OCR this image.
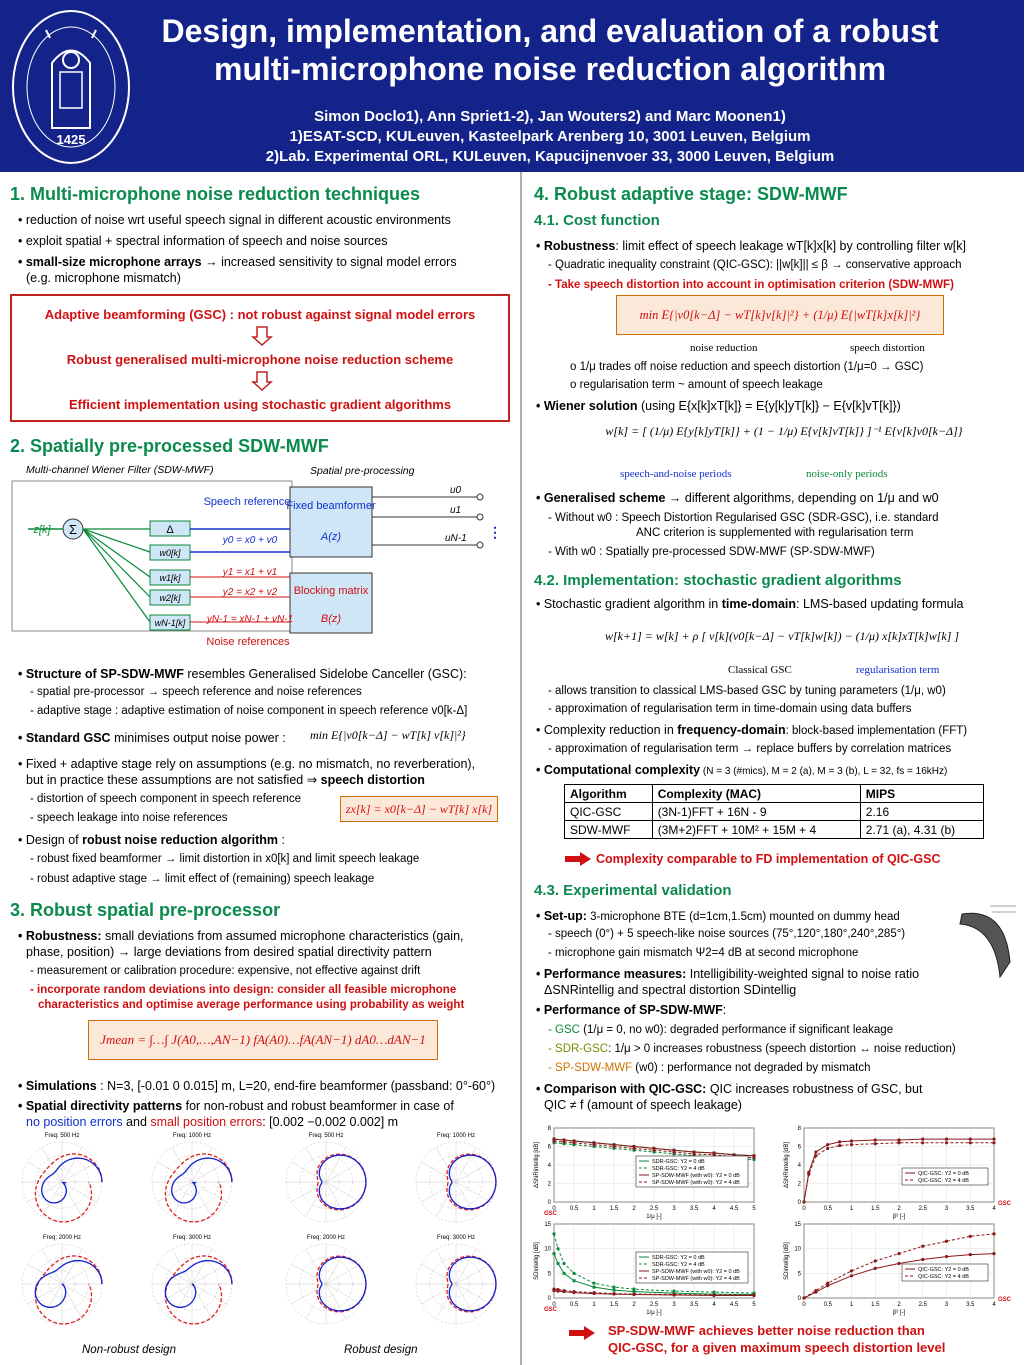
1425
Design, implementation, and evaluation of a robust
multi-microphone noise reduction algorithm
Simon Doclo1), Ann Spriet1-2), Jan Wouters2) and Marc Moonen1)
1)ESAT-SCD, KULeuven, Kasteelpark Arenberg 10, 3001 Leuven, Belgium
2)Lab. Experimental ORL, KULeuven, Kapucijnenvoer 33, 3000 Leuven, Belgium
1. Multi-microphone noise reduction techniques
• reduction of noise wrt useful speech signal in different acoustic environments
• exploit spatial + spectral information of speech and noise sources
• small-size microphone arrays → increased sensitivity to signal model errors
(e.g. microphone mismatch)

Adaptive beamforming (GSC) : not robust against signal model errors

Robust generalised multi-microphone noise reduction scheme

Efficient implementation using stochastic gradient algorithms

2. Spatially pre-processed SDW-MWF
Multi-channel Wiener Filter (SDW-MWF)	Spatial pre-processing
Fixed beamformer
A(z)
Blocking matrix
B(z)
Speech reference
y0 = x0 + v0
y1 = x1 + v1
y2 = x2 + v2
yN-1 = xN-1 + vN-1
Noise references
Σ
z[k]	Δ
w0[k]
w1[k]
w2[k]
wN-1[k]
u0
u1
uN-1 ⋮
• Structure of SP-SDW-MWF resembles Generalised Sidelobe Canceller (GSC):
- spatial pre-processor → speech reference and noise references
- adaptive stage : adaptive estimation of noise component in speech reference v0[k-Δ]
• Standard GSC minimises output noise power : min E{|v0[k−Δ] − wT[k] v[k]|²}
• Fixed + adaptive stage rely on assumptions (e.g. no mismatch, no reverberation),
but in practice these assumptions are not satisfied ⇒ speech distortion
- distortion of speech component in speech reference
- speech leakage into noise references
zx[k] = x0[k−Δ] − wT[k] x[k]
• Design of robust noise reduction algorithm :
- robust fixed beamformer → limit distortion in x0[k] and limit speech leakage
- robust adaptive stage → limit effect of (remaining) speech leakage
3. Robust spatial pre-processor
• Robustness: small deviations from assumed microphone characteristics (gain,
phase, position) → large deviations from desired spatial directivity pattern
- measurement or calibration procedure: expensive, not effective against drift
- incorporate random deviations into design: consider all feasible microphone
characteristics and optimise average performance using probability as weight
Jmean = ∫…∫ J(A0,…,AN−1) fA(A0)…fA(AN−1) dA0…dAN−1
• Simulations : N=3, [-0.01 0 0.015] m, L=20, end-fire beamformer (passband: 0°-60°)
• Spatial directivity patterns for non-robust and robust beamformer in case of
no position errors and small position errors: [0.002 −0.002 0.002] m
Freq: 500 Hz	Freq: 1000 Hz	Freq: 500 Hz	Freq: 1000 Hz
Freq: 2000 Hz	Freq: 3000 Hz	Freq: 2000 Hz	Freq: 3000 Hz
Non-robust design	Robust design
4. Robust adaptive stage: SDW-MWF
4.1. Cost function
• Robustness: limit effect of speech leakage wT[k]x[k] by controlling filter w[k]
- Quadratic inequality constraint (QIC-GSC): ||w[k]|| ≤ β → conservative approach
- Take speech distortion into account in optimisation criterion (SDW-MWF)
min E{|v0[k−Δ] − wT[k]v[k]|²} + (1/μ) E{|wT[k]x[k]|²}
noise reduction	speech distortion
o 1/μ trades off noise reduction and speech distortion (1/μ=0 → GSC)
o regularisation term ~ amount of speech leakage
• Wiener solution (using E{x[k]xT[k]} = E{y[k]yT[k]} − E{v[k]vT[k]})
w[k] = [ (1/μ) E{y[k]yT[k]} + (1 − 1/μ) E{v[k]vT[k]} ]⁻¹ E{v[k]v0[k−Δ]}
speech-and-noise periods	noise-only periods
• Generalised scheme → different algorithms, depending on 1/μ and w0
- Without w0 : Speech Distortion Regularised GSC (SDR-GSC), i.e. standard
ANC criterion is supplemented with regularisation term
- With w0 : Spatially pre-processed SDW-MWF (SP-SDW-MWF)
4.2. Implementation: stochastic gradient algorithms
• Stochastic gradient algorithm in time-domain: LMS-based updating formula
w[k+1] = w[k] + ρ [ v[k](v0[k−Δ] − vT[k]w[k]) − (1/μ) x[k]xT[k]w[k] ]
Classical GSC	regularisation term
- allows transition to classical LMS-based GSC by tuning parameters (1/μ, w0)
- approximation of regularisation term in time-domain using data buffers
• Complexity reduction in frequency-domain: block-based implementation (FFT)
- approximation of regularisation term → replace buffers by correlation matrices
• Computational complexity (N = 3 (#mics), M = 2 (a), M = 3 (b), L = 32, fs = 16kHz)
Algorithm	Complexity (MAC)	MIPS
QIC-GSC	(3N-1)FFT + 16N - 9	2.16
SDW-MWF	(3M+2)FFT + 10M² + 15M + 4	2.71 (a), 4.31 (b)
Complexity comparable to FD implementation of QIC-GSC
4.3. Experimental validation
• Set-up: 3-microphone BTE (d=1cm,1.5cm) mounted on dummy head
- speech (0°) + 5 speech-like noise sources (75°,120°,180°,240°,285°)
- microphone gain mismatch Ψ2=4 dB at second microphone
• Performance measures: Intelligibility-weighted signal to noise ratio
ΔSNRintellig and spectral distortion SDintellig
• Performance of SP-SDW-MWF:
- GSC (1/μ = 0, no w0): degraded performance if significant leakage
- SDR-GSC: 1/μ > 0 increases robustness (speech distortion ↔ noise reduction)
- SP-SDW-MWF (w0) : performance not degraded by mismatch
• Comparison with QIC-GSC: QIC increases robustness of GSC, but
QIC ≠ f (amount of speech leakage)
0 0.5 1 1.5 2 2.5 3 3.5 4 4.5 5
8
6
4
2
0
1/μ [-]
ΔSNRintellig [dB]	SDR-GSC: Υ2 = 0 dB
SDR-GSC: Υ2 = 4 dB
SP-SDW-MWF (with w0): Υ2 = 0 dB
SP-SDW-MWF (with w0): Υ2 = 4 dB
GSC
0	0.5	1	1.5	2	2.5	3	3.5	4
8
6
4
2
0
β² [-]
ΔSNRintellig [dB]	QIC-GSC: Υ2 = 0 dB
QIC-GSC: Υ2 = 4 dB
GSC
0 0.5 1 1.5 2 2.5 3 3.5 4 4.5 5
15
10
5
0
1/μ [-]
SDintellig [dB]	SDR-GSC: Υ2 = 0 dB
SDR-GSC: Υ2 = 4 dB
SP-SDW-MWF (with w0): Υ2 = 0 dB
SP-SDW-MWF (with w0): Υ2 = 4 dB
GSC
0	0.5	1	1.5	2	2.5	3	3.5	4
15
10
5
0
β² [-]
SDintellig [dB]	QIC-GSC: Υ2 = 0 dB
QIC-GSC: Υ2 = 4 dB
GSC
SP-SDW-MWF achieves better noise reduction than
QIC-GSC, for a given maximum speech distortion level
